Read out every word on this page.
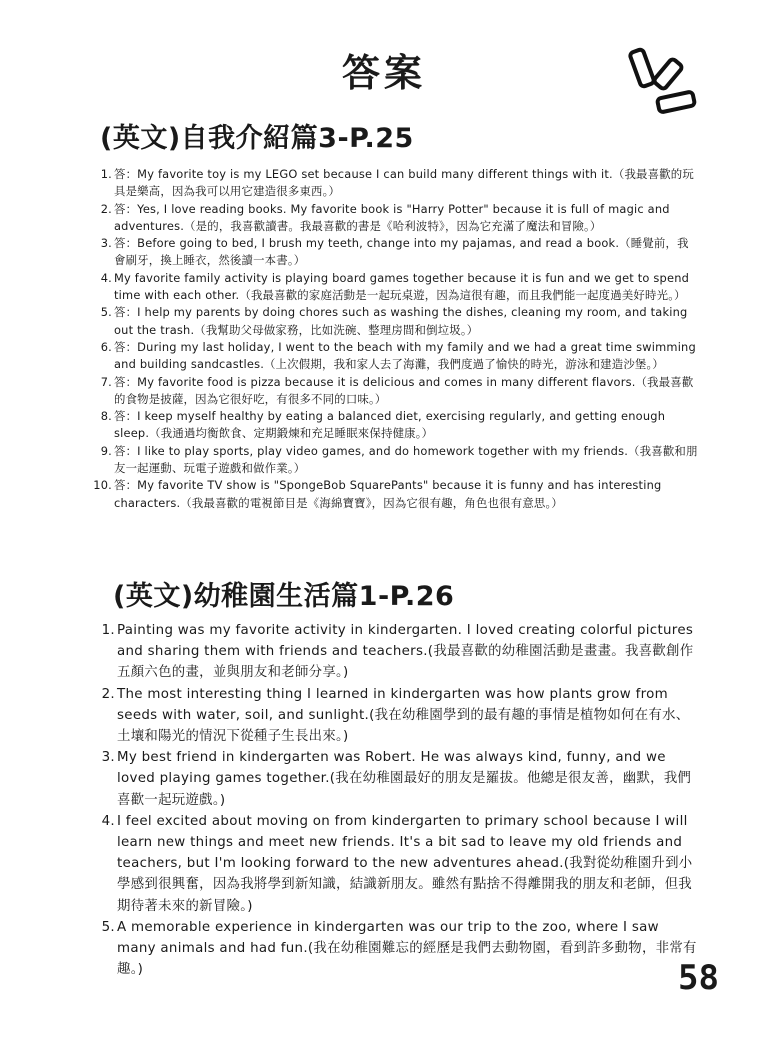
答案
(英文)自我介紹篇3-P.25
1. 答：My favorite toy is my LEGO set because I can build many different things with it.（我最喜歡的玩具是樂高，因為我可以用它建造很多東西。）
2. 答：Yes, I love reading books. My favorite book is "Harry Potter" because it is full of magic and adventures.（是的，我喜歡讀書。我最喜歡的書是《哈利波特》，因為它充滿了魔法和冒險。）
3. 答：Before going to bed, I brush my teeth, change into my pajamas, and read a book.（睡覺前，我會刷牙，換上睡衣，然後讀一本書。）
4. My favorite family activity is playing board games together because it is fun and we get to spend time with each other.（我最喜歡的家庭活動是一起玩桌遊，因為這很有趣，而且我們能一起度過美好時光。）
5. 答：I help my parents by doing chores such as washing the dishes, cleaning my room, and taking out the trash.（我幫助父母做家務，比如洗碗、整理房間和倒垃圾。）
6. 答：During my last holiday, I went to the beach with my family and we had a great time swimming and building sandcastles.（上次假期，我和家人去了海灘，我們度過了愉快的時光，游泳和建造沙堡。）
7. 答：My favorite food is pizza because it is delicious and comes in many different flavors.（我最喜歡的食物是披薩，因為它很好吃，有很多不同的口味。）
8. 答：I keep myself healthy by eating a balanced diet, exercising regularly, and getting enough sleep.（我通過均衡飲食、定期鍛煉和充足睡眠來保持健康。）
9. 答：I like to play sports, play video games, and do homework together with my friends.（我喜歡和朋友一起運動、玩電子遊戲和做作業。）
10. 答：My favorite TV show is "SpongeBob SquarePants" because it is funny and has interesting characters.（我最喜歡的電視節目是《海綿寶寶》，因為它很有趣，角色也很有意思。）
(英文)幼稚園生活篇1-P.26
1. Painting was my favorite activity in kindergarten. I loved creating colorful pictures and sharing them with friends and teachers.(我最喜歡的幼稚園活動是畫畫。我喜歡創作五顏六色的畫，並與朋友和老師分享。)
2. The most interesting thing I learned in kindergarten was how plants grow from seeds with water, soil, and sunlight.(我在幼稚園學到的最有趣的事情是植物如何在有水、土壤和陽光的情況下從種子生長出來。)
3. My best friend in kindergarten was Robert. He was always kind, funny, and we loved playing games together.(我在幼稚園最好的朋友是羅拔。他總是很友善，幽默，我們喜歡一起玩遊戲。)
4. I feel excited about moving on from kindergarten to primary school because I will learn new things and meet new friends. It's a bit sad to leave my old friends and teachers, but I'm looking forward to the new adventures ahead.(我對從幼稚園升到小學感到很興奮，因為我將學到新知識，結識新朋友。雖然有點捨不得離開我的朋友和老師，但我期待著未來的新冒險。)
5. A memorable experience in kindergarten was our trip to the zoo, where I saw many animals and had fun.(我在幼稚園難忘的經歷是我們去動物園，看到許多動物，非常有趣。)	58
